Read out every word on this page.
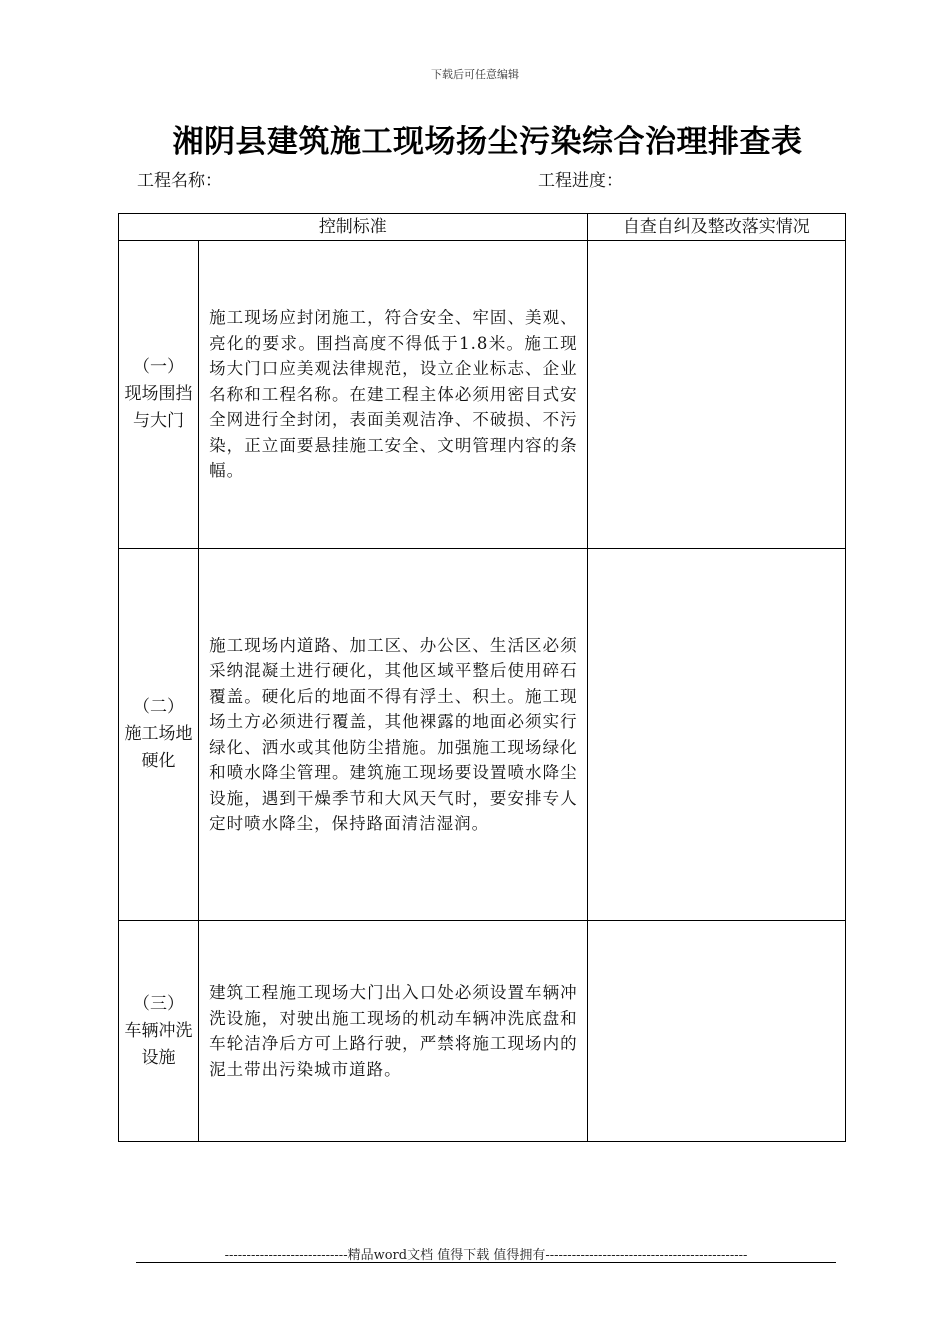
下载后可任意编辑
湘阴县建筑施工现场扬尘污染综合治理排查表
工程名称：	工程进度：
控制标准		自查自纠及整改落实情况

（一）
现场围挡与大门	施工现场应封闭施工，符合安全、牢固、美观、亮化的要求。围挡高度不得低于1.8米。施工现场大门口应美观法律规范，设立企业标志、企业名称和工程名称。在建工程主体必须用密目式安全网进行全封闭，表面美观洁净、不破损、不污染，正立面要悬挂施工安全、文明管理内容的条幅。	

（二）
施工场地硬化	施工现场内道路、加工区、办公区、生活区必须采纳混凝土进行硬化，其他区域平整后使用碎石覆盖。硬化后的地面不得有浮土、积土。施工现场土方必须进行覆盖，其他裸露的地面必须实行绿化、洒水或其他防尘措施。加强施工现场绿化和喷水降尘管理。建筑施工现场要设置喷水降尘设施，遇到干燥季节和大风天气时，要安排专人定时喷水降尘，保持路面清洁湿润。	

（三）
车辆冲洗设施	建筑工程施工现场大门出入口处必须设置车辆冲洗设施，对驶出施工现场的机动车辆冲洗底盘和车轮洁净后方可上路行驶，严禁将施工现场内的泥土带出污染城市道路。	
----------------------------精品word文档 值得下载 值得拥有----------------------------------------------
